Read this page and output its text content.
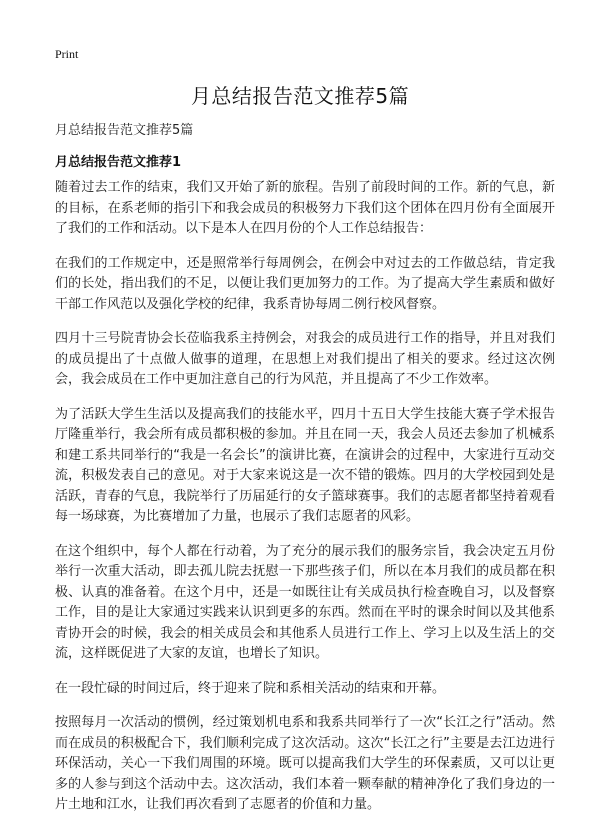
Print
月总结报告范文推荐5篇

月总结报告范文推荐5篇

月总结报告范文推荐1

随着过去工作的结束，我们又开始了新的旅程。告别了前段时间的工作。新的气息，新的目标，在系老师的指引下和我会成员的积极努力下我们这个团体在四月份有全面展开了我们的工作和活动。以下是本人在四月份的个人工作总结报告：

在我们的工作规定中，还是照常举行每周例会，在例会中对过去的工作做总结，肯定我们的长处，指出我们的不足，以便让我们更加努力的工作。为了提高大学生素质和做好干部工作风范以及强化学校的纪律，我系青协每周二例行校风督察。

四月十三号院青协会长莅临我系主持例会，对我会的成员进行工作的指导，并且对我们的成员提出了十点做人做事的道理，在思想上对我们提出了相关的要求。经过这次例会，我会成员在工作中更加注意自己的行为风范，并且提高了不少工作效率。

为了活跃大学生生活以及提高我们的技能水平，四月十五日大学生技能大赛子学术报告厅隆重举行，我会所有成员都积极的参加。并且在同一天，我会人员还去参加了机械系和建工系共同举行的“我是一名会长”的演讲比赛，在演讲会的过程中，大家进行互动交流，积极发表自己的意见。对于大家来说这是一次不错的锻炼。四月的大学校园到处是活跃，青春的气息，我院举行了历届延行的女子篮球赛事。我们的志愿者都坚持着观看每一场球赛，为比赛增加了力量，也展示了我们志愿者的风彩。

在这个组织中，每个人都在行动着，为了充分的展示我们的服务宗旨，我会决定五月份举行一次重大活动，即去孤儿院去抚慰一下那些孩子们，所以在本月我们的成员都在积极、认真的准备着。在这个月中，还是一如既往让有关成员执行检查晚自习，以及督察工作，目的是让大家通过实践来认识到更多的东西。然而在平时的课余时间以及其他系青协开会的时候，我会的相关成员会和其他系人员进行工作上、学习上以及生活上的交流，这样既促进了大家的友谊，也增长了知识。

在一段忙碌的时间过后，终于迎来了院和系相关活动的结束和开幕。

按照每月一次活动的惯例，经过策划机电系和我系共同举行了一次“长江之行”活动。然而在成员的积极配合下，我们顺利完成了这次活动。这次“长江之行”主要是去江边进行环保活动，关心一下我们周围的环境。既可以提高我们大学生的环保素质，又可以让更多的人参与到这个活动中去。这次活动，我们本着一颗奉献的精神净化了我们身边的一片土地和江水，让我们再次看到了志愿者的价值和力量。
